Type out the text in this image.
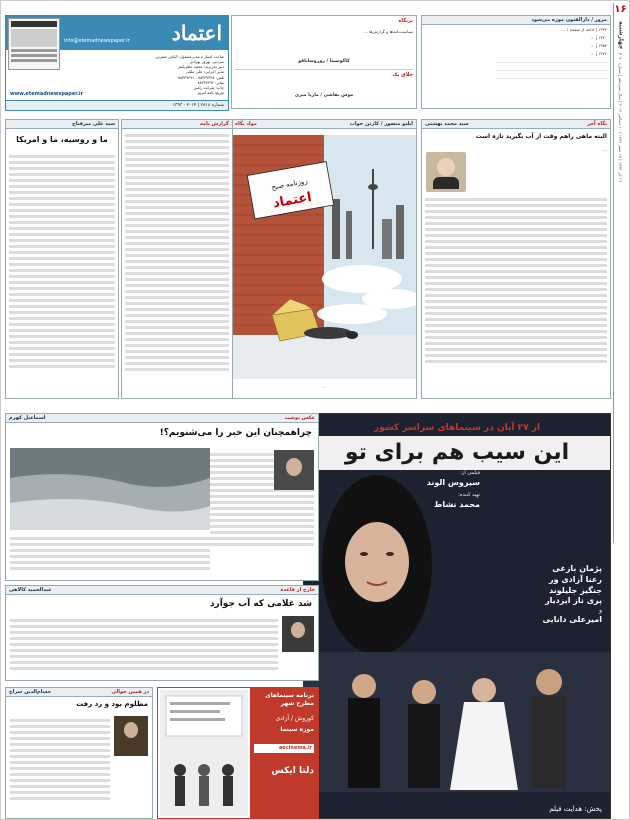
۱۶
چهارشنبه
۱۹ آذر ۱۳۹۳ | ۱۷ صفر ۱۴۳۶ | ۱۰ دسامبر ۲۰۱۴ | سال سیزدهم | شماره ۳۰۹۰
مرور / دارالفنون موزه می‌شود

۱۳۳۲ | ادامه از صفحه ۱ ...

۱۳۴۰ | ...

۱۳۵۴ | ...

۱۳۷۶ | ...

.....................................................................................

.....................................................................................

.....................................................................................

بزنگاه
سیاست‌نامه‌ها و گزارش‌ها ...
کاکوسینا / زوروسانافو
خلاق یک
موش نقاشی / ماریا میری
اعتماد
info@etemadnewspaper.ir
صاحب امتیاز و مدیر مسئول: الیاس حضرتی
سردبیر: بهروز بهزادی
دبیر تحریریه: محمد عطریانفر
مدیر اجرایی: علی ملکی
تلفن: ۸۸۳۳۷۳۲۵ - ۸۸۳۳۷۴۹۶
نمابر: ۸۸۳۳۷۴۹۲
چاپ: شرکت رامین
توزیع: نامه امروز
www.etemadnewspaper.ir
شماره ۲۸۱۸ | ۲۰۱۴ · ۱۳۹۳
نگاه آخر
سید محمد بهشتی
البته ماهی راهم وقت از آب بگیرید تازه است
...
ایلنو منصور / کارتن خواب
مواد نگاه
روزنامه صبح
اعتماد
...
گزارش نامه
سید علی میرفتاح
ما و روسیه، ما و امریکا
از ۲۷ آبان در سینماهای سراسر کشور
این سیب هم برای تو
فیلمی از:
سیروس الوند
تهیه کننده:
محمد نشاط
پژمان بازغی
رعنا آزادی ور
جنگیز جلیلوند
پری ناز ایزدیار
و
امیرعلی دانایی
پخش: هدایت فیلم
عکس نوشت
اسماعیل کهرم
چراهمچنان این خبر را می‌شنویم؟!
خارج از قاعده
عبدالحمید کالاهی
شد غلامی که آب جوآرد
در همین حوالی
حسام‌الدین سراج
مظلوم بود و رد رفت
برنامه سینماهای مطرح شهر
کوروش / آزادی
موزه سینما
aecinema.ir
دلتا ایکس
